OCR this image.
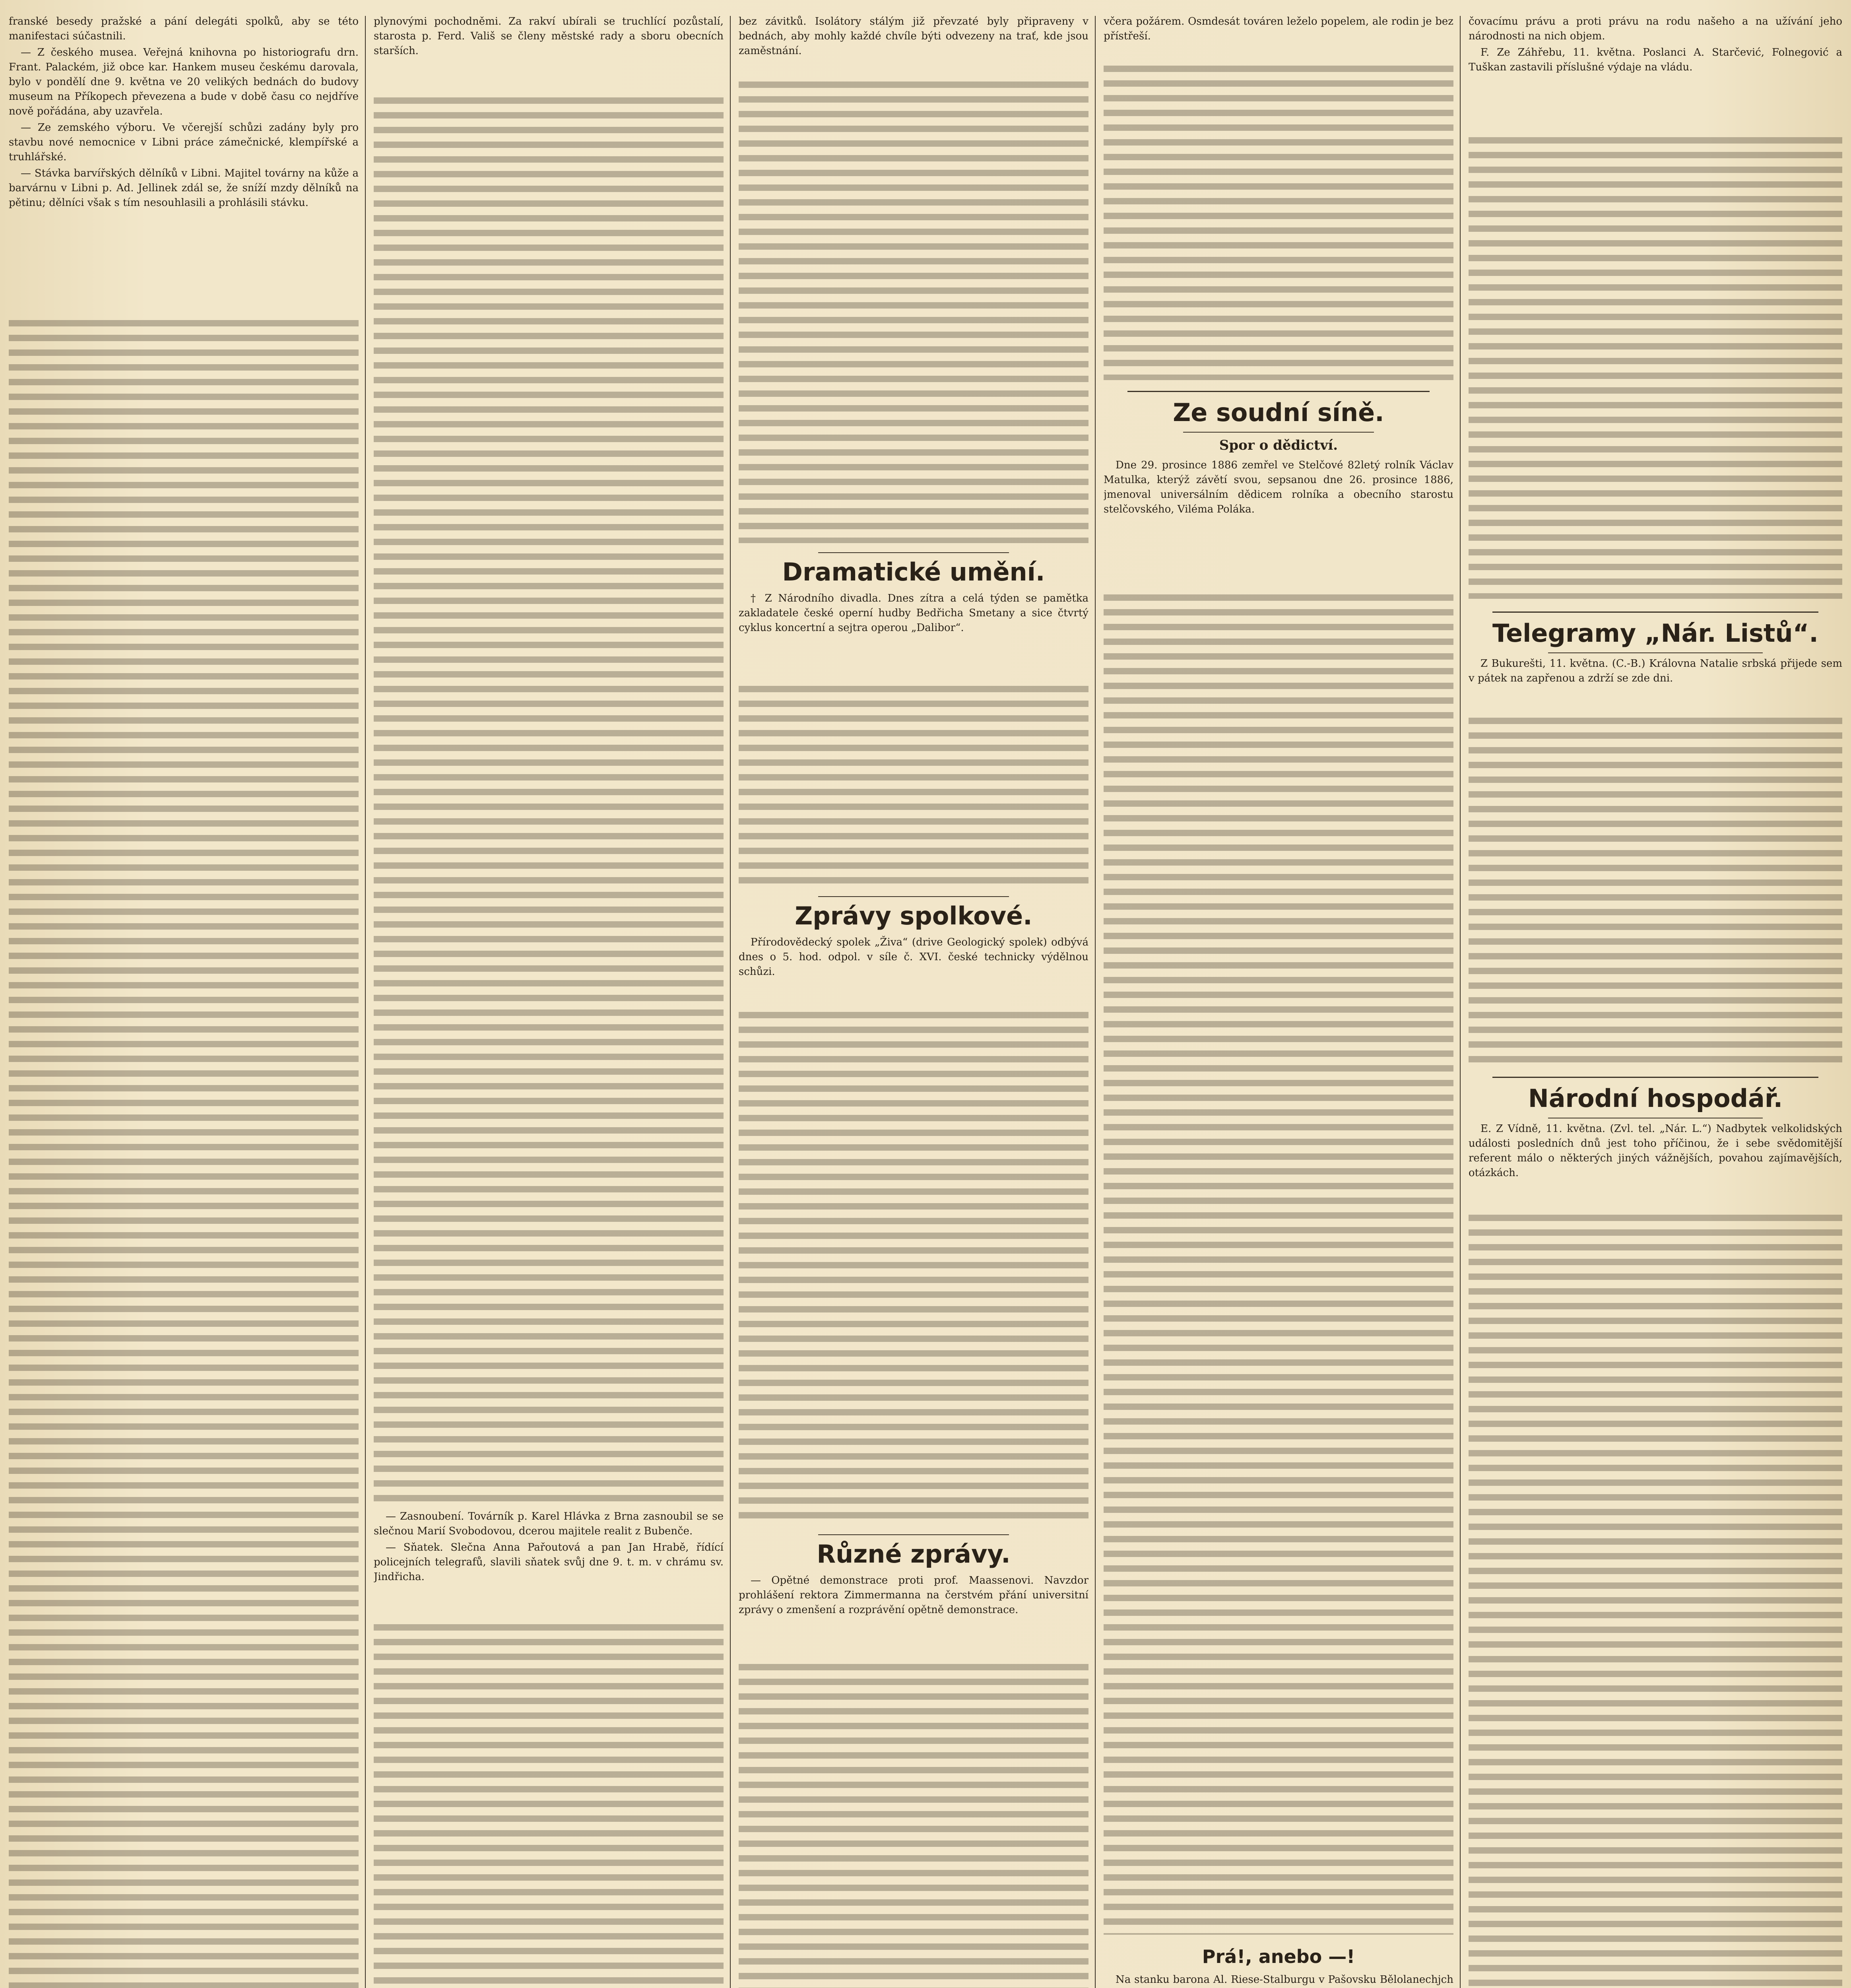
franské besedy pražské a pání delegáti spolků, aby se této manifestaci súčastnili.

— Z českého musea. Veřejná knihovna po historiografu drn. Frant. Palackém, již obce kar. Hankem museu českému darovala, bylo v pondělí dne 9. května ve 20 velikých bednách do budovy museum na Příkopech převezena a bude v době času co nejdříve nově pořádána, aby uzavřela.

— Ze zemského výboru. Ve včerejší schůzi zadány byly pro stavbu nové nemocnice v Libni práce zámečnické, klempířské a truhlářské.

— Stávka barvířských dělníků v Libni. Majitel továrny na kůže a barvárnu v Libni p. Ad. Jellinek zdál se, že sníží mzdy dělníků na pětinu; dělníci však s tím nesouhlasili a prohlásili stávku.

plynovými pochodněmi. Za rakví ubírali se truchlící pozůstalí, starosta p. Ferd. Vališ se členy městské rady a sboru obecních starších.

— Zasnoubení. Továrník p. Karel Hlávka z Brna zasnoubil se se slečnou Marií Svobodovou, dcerou majitele realit z Bubenče.

— Sňatek. Slečna Anna Pařoutová a pan Jan Hrabě, řídící policejních telegrafů, slavili sňatek svůj dne 9. t. m. v chrámu sv. Jindřicha.

bez závitků. Isolátory stálým již převzaté byly připraveny v bednách, aby mohly každé chvíle býti odvezeny na trať, kde jsou zaměstnání.

Dramatické umění.

† Z Národního divadla. Dnes zítra a celá týden se pamětka zakladatele české operní hudby Bedřicha Smetany a sice čtvrtý cyklus koncertní a sejtra operou „Dalibor“.

Zprávy spolkové.

Přírodovědecký spolek „Živa“ (drive Geologický spolek) odbývá dnes o 5. hod. odpol. v síle č. XVI. české technicky výdělnou schůzi.

Různé zprávy.

— Opětné demonstrace proti prof. Maassenovi. Navzdor prohlášení rektora Zimmermanna na čerstvém přání universitní zprávy o zmenšení a rozprávění opětně demonstrace.

včera požárem. Osmdesát továren leželo popelem, ale rodin je bez přístřeší.

Ze soudní síně.
Spor o dědictví.

Dne 29. prosince 1886 zemřel ve Stelčové 82letý rolník Václav Matulka, kterýž závětí svou, sepsanou dne 26. prosince 1886, jmenoval universálním dědicem rolníka a obecního starostu stelčovského, Viléma Poláka.

Prá!, anebo —!

Na stanku barona Al. Riese-Stalburgu v Pašovsku Bělolanechjch

čovacímu právu a proti právu na rodu našeho a na užívání jeho národnosti na nich objem.

F. Ze Záhřebu, 11. května. Poslanci A. Starčević, Folnegović a Tuškan zastavili příslušné výdaje na vládu.

Telegramy „Nár. Listů“.

Z Bukurešti, 11. května. (C.-B.) Královna Natalie srbská přijede sem v pátek na zapřenou a zdrží se zde dni.

Národní hospodář.

E. Z Vídně, 11. května. (Zvl. tel. „Nár. L.“) Nadbytek velkolidských události posledních dnů jest toho příčinou, že i sebe svědomitější referent málo o některých jiných vážnějších, povahou zajímavějších, otázkách.
